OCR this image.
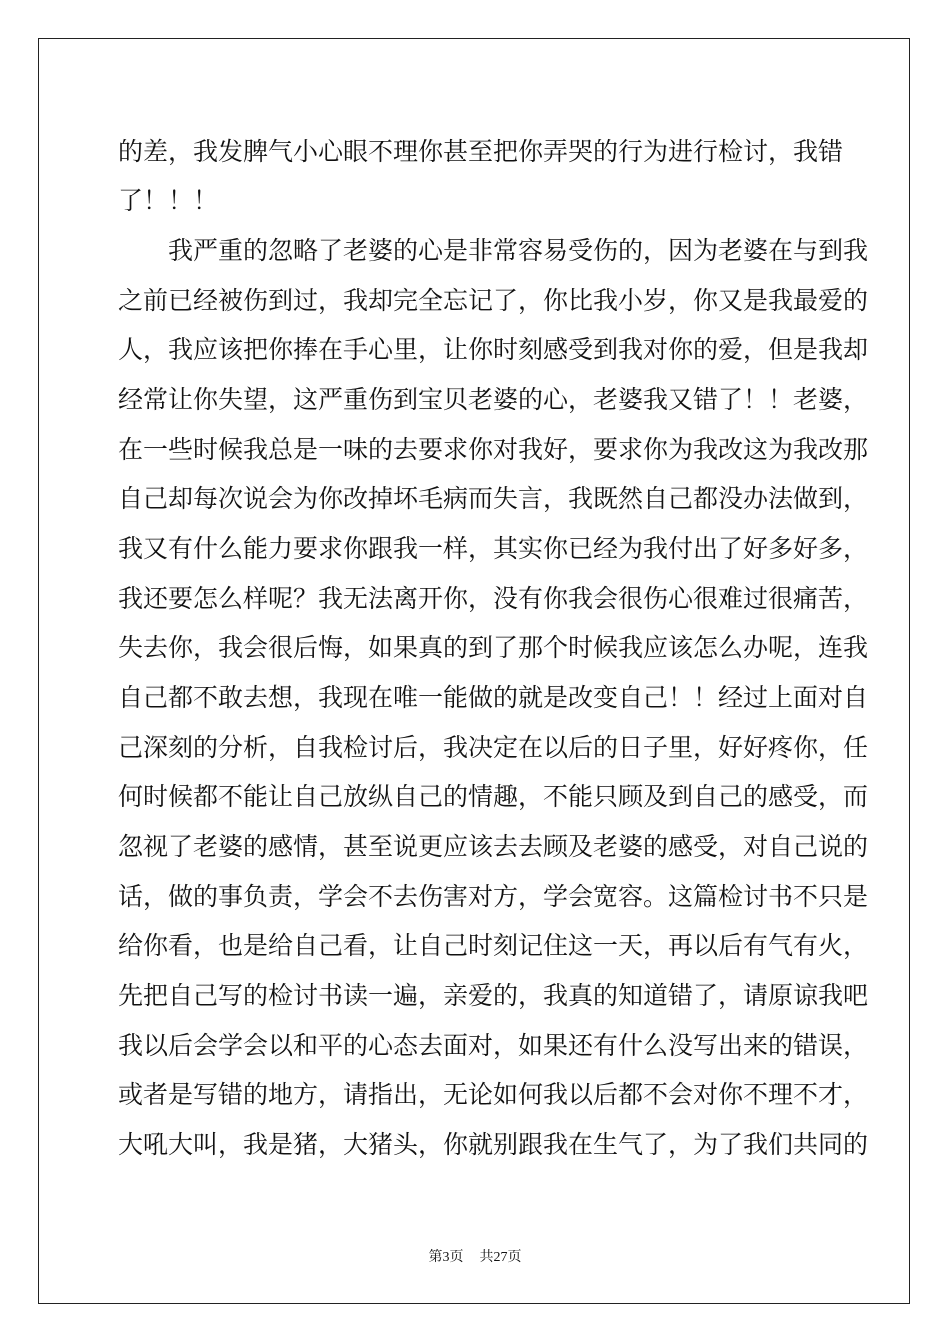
的差，我发脾气小心眼不理你甚至把你弄哭的行为进行检讨，我错
了！！！
　　我严重的忽略了老婆的心是非常容易受伤的，因为老婆在与到我
之前已经被伤到过，我却完全忘记了，你比我小岁，你又是我最爱的
人，我应该把你捧在手心里，让你时刻感受到我对你的爱，但是我却
经常让你失望，这严重伤到宝贝老婆的心，老婆我又错了！！老婆，
在一些时候我总是一味的去要求你对我好，要求你为我改这为我改那
自己却每次说会为你改掉坏毛病而失言，我既然自己都没办法做到，
我又有什么能力要求你跟我一样，其实你已经为我付出了好多好多，
我还要怎么样呢？我无法离开你，没有你我会很伤心很难过很痛苦，
失去你，我会很后悔，如果真的到了那个时候我应该怎么办呢，连我
自己都不敢去想，我现在唯一能做的就是改变自己！！经过上面对自
己深刻的分析，自我检讨后，我决定在以后的日子里，好好疼你，任
何时候都不能让自己放纵自己的情趣，不能只顾及到自己的感受，而
忽视了老婆的感情，甚至说更应该去去顾及老婆的感受，对自己说的
话，做的事负责，学会不去伤害对方，学会宽容。这篇检讨书不只是
给你看，也是给自己看，让自己时刻记住这一天，再以后有气有火，
先把自己写的检讨书读一遍，亲爱的，我真的知道错了，请原谅我吧
我以后会学会以和平的心态去面对，如果还有什么没写出来的错误，
或者是写错的地方，请指出，无论如何我以后都不会对你不理不才，
大吼大叫，我是猪，大猪头，你就别跟我在生气了，为了我们共同的
第3页 共27页
